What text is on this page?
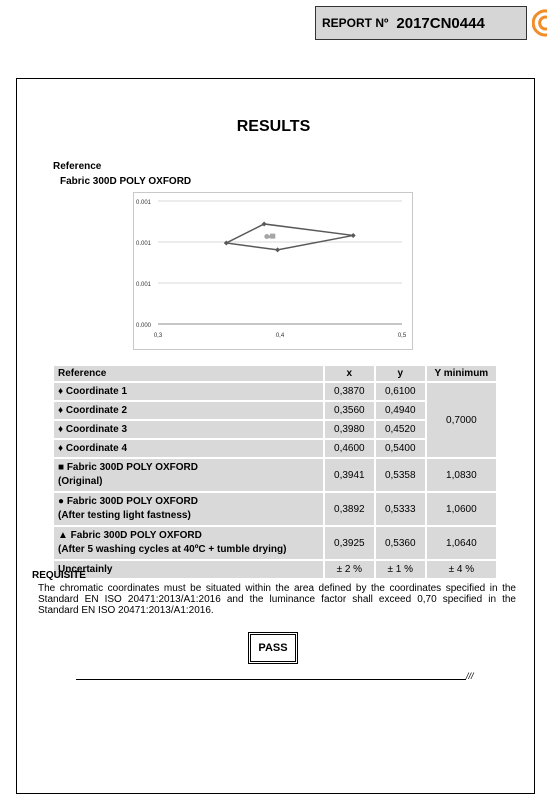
REPORT Nº 2017CN0444
RESULTS
Reference
Fabric 300D POLY OXFORD
0.000
0.001
0.001
0.001
0,3	0,4	0,5
Reference	x	y	Y minimum
♦ Coordinate 1	0,3870	0,6100	0,7000
♦ Coordinate 2	0,3560	0,4940	
♦ Coordinate 3	0,3980	0,4520	
♦ Coordinate 4	0,4600	0,5400	

■ Fabric 300D POLY OXFORD
(Original)	0,3941	0,5358	1,0830

● Fabric 300D POLY OXFORD
(After testing light fastness)	0,3892	0,5333	1,0600

▲ Fabric 300D POLY OXFORD
(After 5 washing cycles at 40ºC + tumble drying)	0,3925	0,5360	1,0640
Uncertainly	± 2 %	± 1 %	± 4 %
REQUISITE
The chromatic coordinates must be situated within the area defined by the coordinates specified in the Standard EN ISO 20471:2013/A1:2016 and the luminance factor shall exceed 0,70 specified in the Standard EN ISO 20471:2013/A1:2016.
PASS
///
